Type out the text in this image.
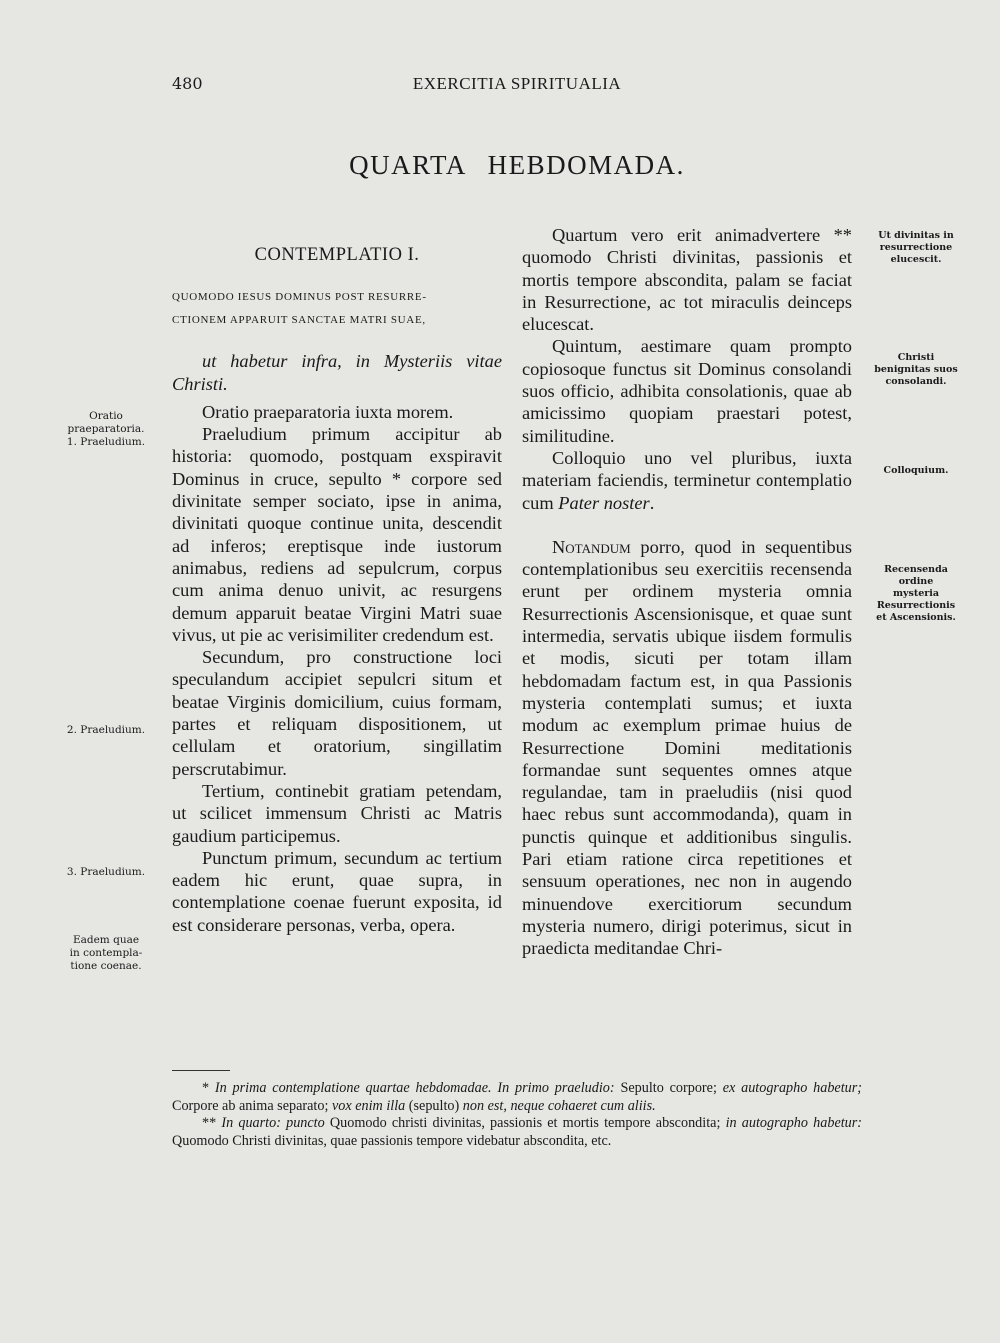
480	EXERCITIA SPIRITUALIA
QUARTA HEBDOMADA.

CONTEMPLATIO I.

QUOMODO IESUS DOMINUS POST RESURRE-
CTIONEM APPARUIT SANCTAE MATRI SUAE,

ut habetur infra, in Mysteriis vitae Christi.

Oratio praeparatoria iuxta morem.

Praeludium primum accipitur ab historia: quomodo, postquam exspiravit Dominus in cruce, sepulto * corpore sed divinitate semper sociato, ipse in anima, divinitati quoque continue unita, descendit ad inferos; ereptisque inde iustorum animabus, rediens ad sepulcrum, corpus cum anima denuo univit, ac resurgens demum apparuit beatae Virgini Matri suae vivus, ut pie ac verisimiliter credendum est.

Secundum, pro constructione loci speculandum accipiet sepulcri situm et beatae Virginis domicilium, cuius formam, partes et reliquam dispositionem, ut cellulam et oratorium, singillatim perscrutabimur.

Tertium, continebit gratiam petendam, ut scilicet immensum Christi ac Matris gaudium participemus.

Punctum primum, secundum ac tertium eadem hic erunt, quae supra, in contemplatione coenae fuerunt exposita, id est considerare personas, verba, opera.

Quartum vero erit animadvertere ** quomodo Christi divinitas, passionis et mortis tempore abscondita, palam se faciat in Resurrectione, ac tot miraculis deinceps elucescat.

Quintum, aestimare quam prompto copiosoque functus sit Dominus consolandi suos officio, adhibita consolationis, quae ab amicissimo quopiam praestari potest, similitudine.

Colloquio uno vel pluribus, iuxta materiam faciendis, terminetur contemplatio cum Pater noster.

Notandum porro, quod in sequentibus contemplationibus seu exercitiis recensenda erunt per ordinem mysteria omnia Resurrectionis Ascensionisque, et quae sunt intermedia, servatis ubique iisdem formulis et modis, sicuti per totam illam hebdomadam factum est, in qua Passionis mysteria contemplati sumus; et iuxta modum ac exemplum primae huius de Resurrectione Domini meditationis formandae sunt sequentes omnes atque regulandae, tam in praeludiis (nisi quod haec rebus sunt accommodanda), quam in punctis quinque et additionibus singulis. Pari etiam ratione circa repetitiones et sensuum operationes, nec non in augendo minuendove exercitiorum secundum mysteria numero, dirigi poterimus, sicut in praedicta meditandae Chri-

Oratio
praeparatoria.
1. Praeludium.
2. Praeludium.
3. Praeludium.
Eadem quae
in contempla-
tione coenae.
Ut divinitas in
resurrectione
elucescit.
Christi
benignitas suos
consolandi.
Colloquium.
Recensenda
ordine
mysteria
Resurrectionis
et Ascensionis.

* In prima contemplatione quartae hebdomadae. In primo praeludio: Sepulto corpore; ex autographo habetur; Corpore ab anima separato; vox enim illa (sepulto) non est, neque cohaeret cum aliis.

** In quarto: puncto Quomodo christi divinitas, passionis et mortis tempore abscondita; in autographo habetur: Quomodo Christi divinitas, quae passionis tempore videbatur abscondita, etc.
